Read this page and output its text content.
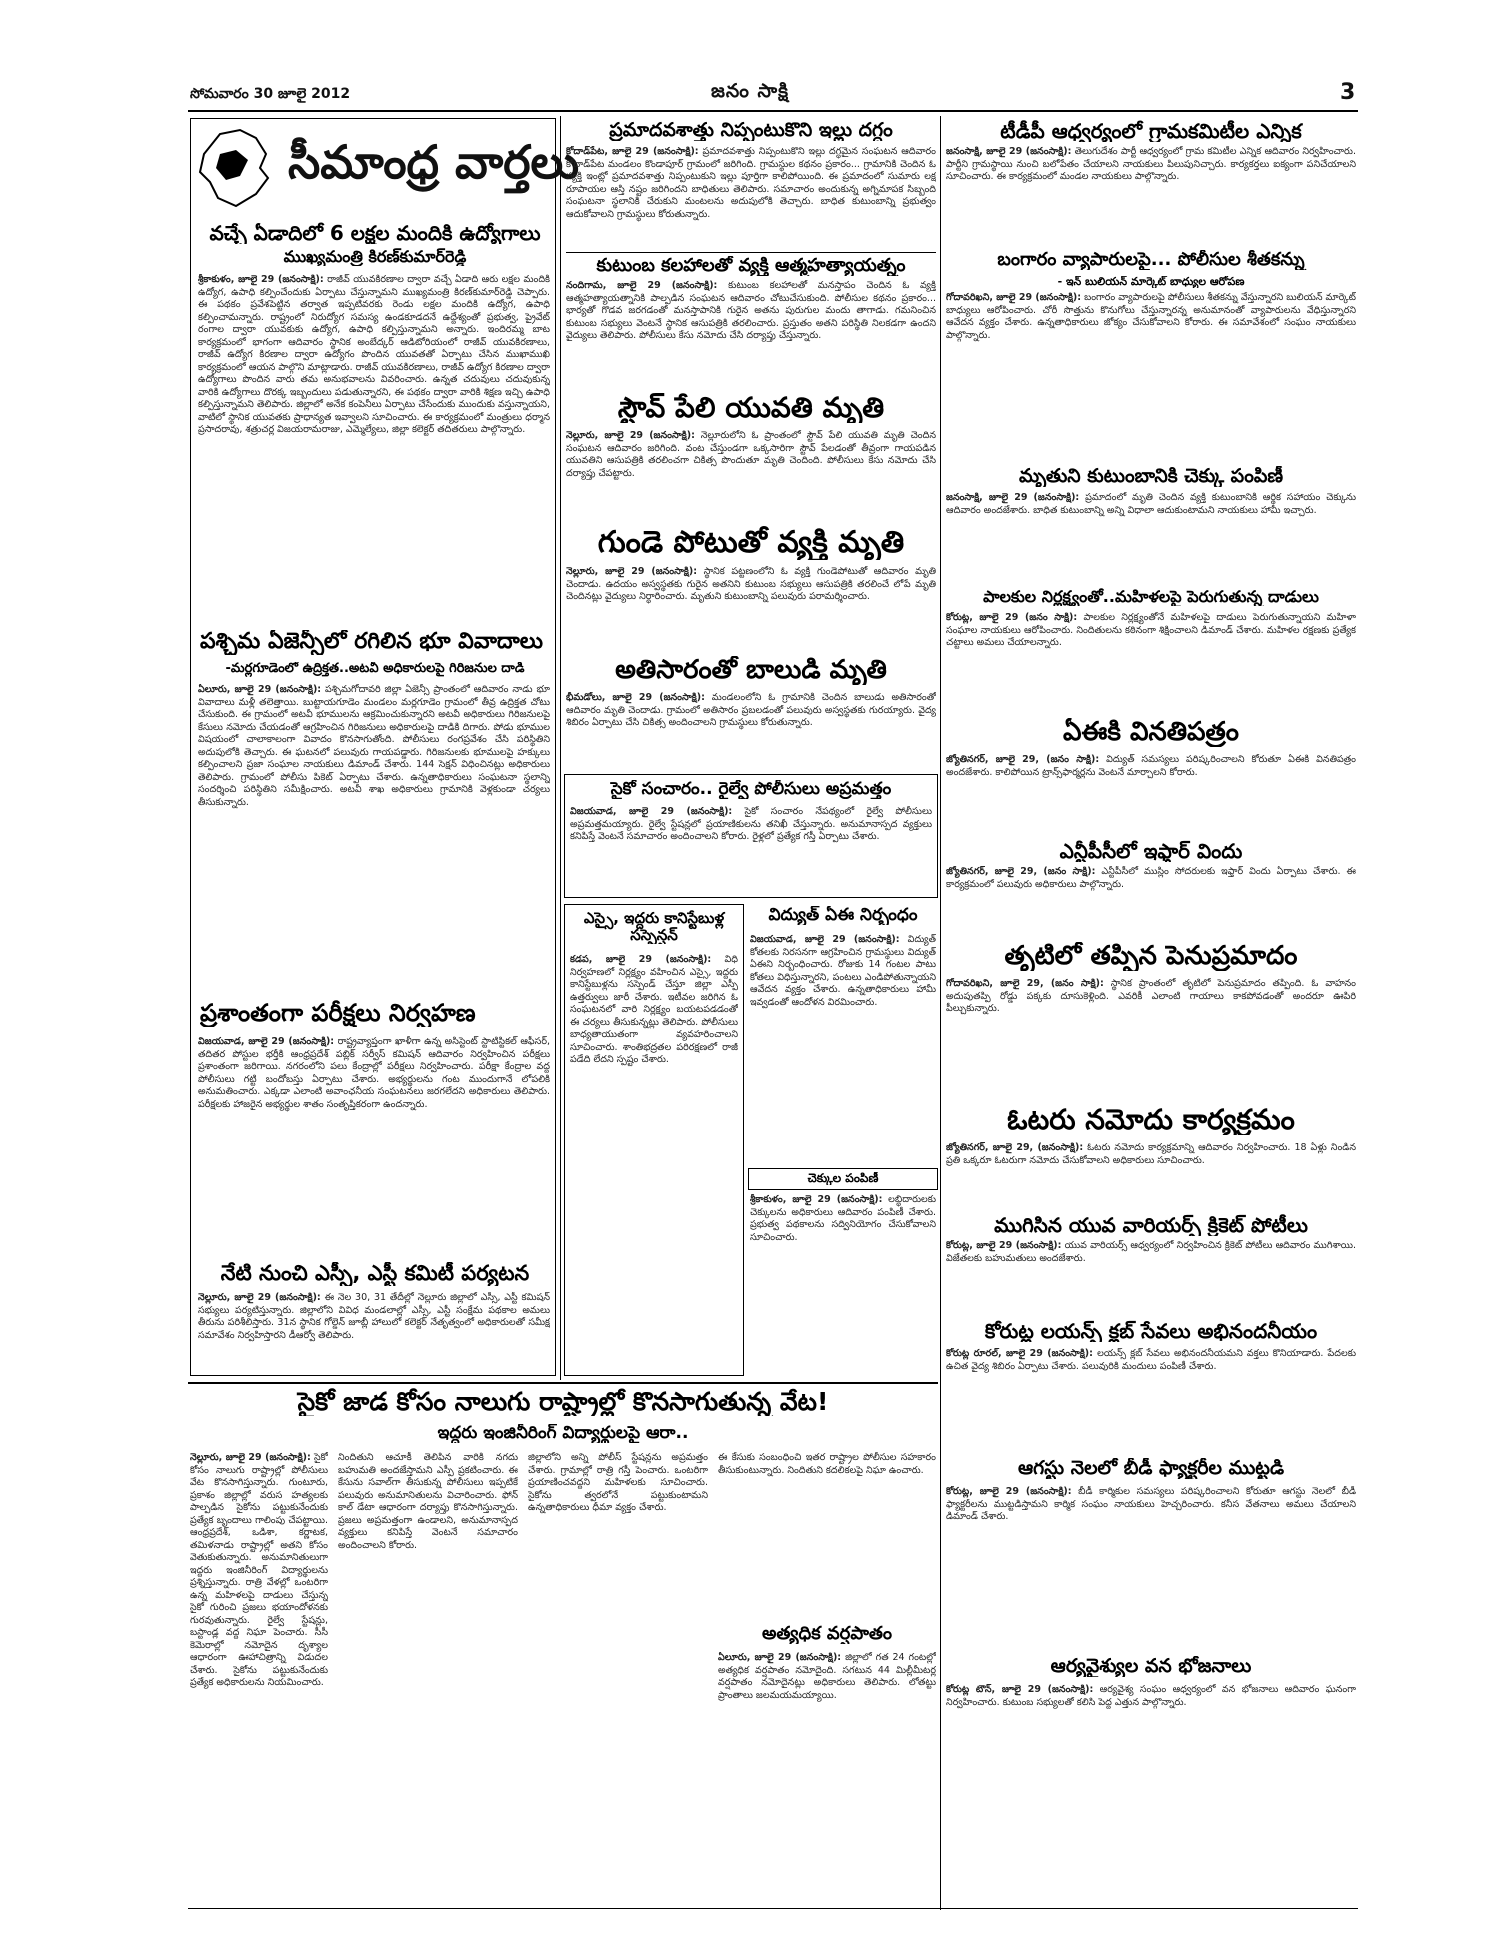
సోమవారం 30 జూలై 2012	జనం సాక్షి	3
సీమాంధ్ర వార్తలు
వచ్చే ఏడాదిలో 6 లక్షల మందికి ఉద్యోగాలు
ముఖ్యమంత్రి కిరణ్‌కుమార్‌రెడ్డి
శ్రీకాకుళం, జూలై 29 (జనంసాక్షి): రాజీవ్ యువకిరణాల ద్వారా వచ్చే ఏడాది ఆరు లక్షల మందికి ఉద్యోగ, ఉపాధి కల్పించేందుకు ఏర్పాటు చేస్తున్నామని ముఖ్యమంత్రి కిరణ్‌కుమార్‌రెడ్డి చెప్పారు. ఈ పథకం ప్రవేశపెట్టిన తర్వాత ఇప్పటివరకు రెండు లక్షల మందికి ఉద్యోగ, ఉపాధి కల్పించామన్నారు. రాష్ట్రంలో నిరుద్యోగ సమస్య ఉండకూడదనే ఉద్దేశ్యంతో ప్రభుత్వ, ప్రైవేట్ రంగాల ద్వారా యువకుకు ఉద్యోగ, ఉపాధి కల్పిస్తున్నామని అన్నారు. ఇందిరమ్మ బాట కార్యక్రమంలో భాగంగా ఆదివారం స్థానిక అంబేద్కర్ ఆడిటోరియంలో రాజీవ్ యువకిరణాలు, రాజీవ్ ఉద్యోగ కిరణాల ద్వారా ఉద్యోగం పొందిన యువతతో ఏర్పాటు చేసిన ముఖాముఖి కార్యక్రమంలో ఆయన పాల్గొని మాట్లాడారు. రాజీవ్ యువకిరణాలు, రాజీవ్ ఉద్యోగ కిరణాల ద్వారా ఉద్యోగాలు పొందిన వారు తమ అనుభవాలను వివరించారు. ఉన్నత చదువులు చదువుకున్న వారికి ఉద్యోగాలు దొరక్క ఇబ్బందులు పడుతున్నారని, ఈ పథకం ద్వారా వారికి శిక్షణ ఇచ్చి ఉపాధి కల్పిస్తున్నామని తెలిపారు. జిల్లాలో అనేక కంపెనీలు ఏర్పాటు చేసేందుకు ముందుకు వస్తున్నాయని, వాటిలో స్థానిక యువతకు ప్రాధాన్యత ఇవ్వాలని సూచించారు. ఈ కార్యక్రమంలో మంత్రులు ధర్మాన ప్రసాదరావు, శత్రుచర్ల విజయరామరాజు, ఎమ్మెల్యేలు, జిల్లా కలెక్టర్ తదితరులు పాల్గొన్నారు.
పశ్చిమ ఏజెన్సీలో రగిలిన భూ వివాదాలు
-మర్లగూడెంలో ఉద్రిక్తత..అటవీ అధికారులపై గిరిజనుల దాడి
ఏలూరు, జూలై 29 (జనంసాక్షి): పశ్చిమగోదావరి జిల్లా ఏజెన్సీ ప్రాంతంలో ఆదివారం నాడు భూ వివాదాలు మళ్లీ తలెత్తాయి. బుట్టాయగూడెం మండలం మర్లగూడెం గ్రామంలో తీవ్ర ఉద్రిక్తత చోటు చేసుకుంది. ఈ గ్రామంలో అటవీ భూములను ఆక్రమించుకున్నారని అటవీ అధికారులు గిరిజనులపై కేసులు నమోదు చేయడంతో ఆగ్రహించిన గిరిజనులు అధికారులపై దాడికి దిగారు. పోడు భూముల విషయంలో చాలాకాలంగా వివాదం కొనసాగుతోంది. పోలీసులు రంగప్రవేశం చేసి పరిస్థితిని అదుపులోకి తెచ్చారు. ఈ ఘటనలో పలువురు గాయపడ్డారు. గిరిజనులకు భూములపై హక్కులు కల్పించాలని ప్రజా సంఘాల నాయకులు డిమాండ్ చేశారు. 144 సెక్షన్ విధించినట్లు అధికారులు తెలిపారు. గ్రామంలో పోలీసు పికెట్ ఏర్పాటు చేశారు. ఉన్నతాధికారులు సంఘటనా స్థలాన్ని సందర్శించి పరిస్థితిని సమీక్షించారు. అటవీ శాఖ అధికారులు గ్రామానికి వెళ్లకుండా చర్యలు తీసుకున్నారు.
ప్రశాంతంగా పరీక్షలు నిర్వహణ
విజయవాడ, జూలై 29 (జనంసాక్షి): రాష్ట్రవ్యాప్తంగా ఖాళీగా ఉన్న అసిస్టెంట్ స్టాటిస్టికల్ ఆఫీసర్, తదితర పోస్టుల భర్తీకి ఆంధ్రప్రదేశ్ పబ్లిక్ సర్వీస్ కమిషన్ ఆదివారం నిర్వహించిన పరీక్షలు ప్రశాంతంగా జరిగాయి. నగరంలోని పలు కేంద్రాల్లో పరీక్షలు నిర్వహించారు. పరీక్షా కేంద్రాల వద్ద పోలీసులు గట్టి బందోబస్తు ఏర్పాటు చేశారు. అభ్యర్థులను గంట ముందుగానే లోపలికి అనుమతించారు. ఎక్కడా ఎలాంటి అవాంఛనీయ సంఘటనలు జరగలేదని అధికారులు తెలిపారు. పరీక్షలకు హాజరైన అభ్యర్థుల శాతం సంతృప్తికరంగా ఉందన్నారు.
నేటి నుంచి ఎస్సీ, ఎస్టీ కమిటీ పర్యటన
నెల్లూరు, జూలై 29 (జనంసాక్షి): ఈ నెల 30, 31 తేదీల్లో నెల్లూరు జిల్లాలో ఎస్సీ, ఎస్టీ కమిషన్ సభ్యులు పర్యటిస్తున్నారు. జిల్లాలోని వివిధ మండలాల్లో ఎస్సీ, ఎస్టీ సంక్షేమ పథకాల అమలు తీరును పరిశీలిస్తారు. 31న స్థానిక గోల్డెన్ జూబ్లీ హాలులో కలెక్టర్ నేతృత్వంలో అధికారులతో సమీక్ష సమావేశం నిర్వహిస్తారని డీఆర్వో తెలిపారు.
ప్రమాదవశాత్తు నిప్పంటుకొని ఇల్లు దగ్ధం
కోదాడ్‌పేట, జూలై 29 (జనంసాక్షి): ప్రమాదవశాత్తు నిప్పంటుకొని ఇల్లు దగ్ధమైన సంఘటన ఆదివారం కోదాడ్‌పేట మండలం కొండాపూర్ గ్రామంలో జరిగింది. గ్రామస్థుల కథనం ప్రకారం... గ్రామానికి చెందిన ఓ వ్యక్తి ఇంట్లో ప్రమాదవశాత్తు నిప్పంటుకుని ఇల్లు పూర్తిగా కాలిపోయింది. ఈ ప్రమాదంలో సుమారు లక్ష రూపాయల ఆస్తి నష్టం జరిగిందని బాధితులు తెలిపారు. సమాచారం అందుకున్న అగ్నిమాపక సిబ్బంది సంఘటనా స్థలానికి చేరుకుని మంటలను అదుపులోకి తెచ్చారు. బాధిత కుటుంబాన్ని ప్రభుత్వం ఆదుకోవాలని గ్రామస్థులు కోరుతున్నారు.
కుటుంబ కలహాలతో వ్యక్తి ఆత్మహత్యాయత్నం
నందిగామ, జూలై 29 (జనంసాక్షి): కుటుంబ కలహాలతో మనస్తాపం చెందిన ఓ వ్యక్తి ఆత్మహత్యాయత్నానికి పాల్పడిన సంఘటన ఆదివారం చోటుచేసుకుంది. పోలీసుల కథనం ప్రకారం... భార్యతో గొడవ జరగడంతో మనస్తాపానికి గురైన అతను పురుగుల మందు తాగాడు. గమనించిన కుటుంబ సభ్యులు వెంటనే స్థానిక ఆసుపత్రికి తరలించారు. ప్రస్తుతం అతని పరిస్థితి నిలకడగా ఉందని వైద్యులు తెలిపారు. పోలీసులు కేసు నమోదు చేసి దర్యాప్తు చేస్తున్నారు.
స్టౌవ్ పేలి యువతి మృతి
నెల్లూరు, జూలై 29 (జనంసాక్షి): నెల్లూరులోని ఓ ప్రాంతంలో స్టౌవ్ పేలి యువతి మృతి చెందిన సంఘటన ఆదివారం జరిగింది. వంట చేస్తుండగా ఒక్కసారిగా స్టౌవ్ పేలడంతో తీవ్రంగా గాయపడిన యువతిని ఆసుపత్రికి తరలించగా చికిత్స పొందుతూ మృతి చెందింది. పోలీసులు కేసు నమోదు చేసి దర్యాప్తు చేపట్టారు.
గుండె పోటుతో వ్యక్తి మృతి
నెల్లూరు, జూలై 29 (జనంసాక్షి): స్థానిక పట్టణంలోని ఓ వ్యక్తి గుండెపోటుతో ఆదివారం మృతి చెందాడు. ఉదయం అస్వస్థతకు గురైన అతనిని కుటుంబ సభ్యులు ఆసుపత్రికి తరలించే లోపే మృతి చెందినట్లు వైద్యులు నిర్ధారించారు. మృతుని కుటుంబాన్ని పలువురు పరామర్శించారు.
అతిసారంతో బాలుడి మృతి
భీమడోలు, జూలై 29 (జనంసాక్షి): మండలంలోని ఓ గ్రామానికి చెందిన బాలుడు అతిసారంతో ఆదివారం మృతి చెందాడు. గ్రామంలో అతిసారం ప్రబలడంతో పలువురు అస్వస్థతకు గురయ్యారు. వైద్య శిబిరం ఏర్పాటు చేసి చికిత్స అందించాలని గ్రామస్థులు కోరుతున్నారు.
సైకో సంచారం.. రైల్వే పోలీసులు అప్రమత్తం
విజయవాడ, జూలై 29 (జనంసాక్షి): సైకో సంచారం నేపథ్యంలో రైల్వే పోలీసులు అప్రమత్తమయ్యారు. రైల్వే స్టేషన్లలో ప్రయాణికులను తనిఖీ చేస్తున్నారు. అనుమానాస్పద వ్యక్తులు కనిపిస్తే వెంటనే సమాచారం అందించాలని కోరారు. రైళ్లలో ప్రత్యేక గస్తీ ఏర్పాటు చేశారు.
ఎస్సై, ఇద్దరు కానిస్టేబుళ్ల సస్పెన్షన్
కడప, జూలై 29 (జనంసాక్షి): విధి నిర్వహణలో నిర్లక్ష్యం వహించిన ఎస్సై, ఇద్దరు కానిస్టేబుళ్లను సస్పెండ్ చేస్తూ జిల్లా ఎస్పీ ఉత్తర్వులు జారీ చేశారు. ఇటీవల జరిగిన ఓ సంఘటనలో వారి నిర్లక్ష్యం బయటపడడంతో ఈ చర్యలు తీసుకున్నట్లు తెలిపారు. పోలీసులు బాధ్యతాయుతంగా వ్యవహరించాలని సూచించారు. శాంతిభద్రతల పరిరక్షణలో రాజీ పడేది లేదని స్పష్టం చేశారు.
విద్యుత్ ఏఈ నిర్బంధం
విజయవాడ, జూలై 29 (జనంసాక్షి): విద్యుత్ కోతలకు నిరసనగా ఆగ్రహించిన గ్రామస్థులు విద్యుత్ ఏఈని నిర్బంధించారు. రోజుకు 14 గంటల పాటు కోతలు విధిస్తున్నారని, పంటలు ఎండిపోతున్నాయని ఆవేదన వ్యక్తం చేశారు. ఉన్నతాధికారులు హామీ ఇవ్వడంతో ఆందోళన విరమించారు.
చెక్కుల పంపిణీ
శ్రీకాకుళం, జూలై 29 (జనంసాక్షి): లబ్ధిదారులకు చెక్కులను అధికారులు ఆదివారం పంపిణీ చేశారు. ప్రభుత్వ పథకాలను సద్వినియోగం చేసుకోవాలని సూచించారు.
టీడీపీ ఆధ్వర్యంలో గ్రామకమిటీల ఎన్నిక
జనంసాక్షి, జూలై 29 (జనంసాక్షి): తెలుగుదేశం పార్టీ ఆధ్వర్యంలో గ్రామ కమిటీల ఎన్నిక ఆదివారం నిర్వహించారు. పార్టీని గ్రామస్థాయి నుంచి బలోపేతం చేయాలని నాయకులు పిలుపునిచ్చారు. కార్యకర్తలు ఐక్యంగా పనిచేయాలని సూచించారు. ఈ కార్యక్రమంలో మండల నాయకులు పాల్గొన్నారు.
బంగారం వ్యాపారులపై... పోలీసుల శీతకన్ను
- ఇన్ బులియన్ మార్కెట్ బాధ్యుల ఆరోపణ
గోదావరిఖని, జూలై 29 (జనంసాక్షి): బంగారం వ్యాపారులపై పోలీసులు శీతకన్ను వేస్తున్నారని బులియన్ మార్కెట్ బాధ్యులు ఆరోపించారు. చోరీ సొత్తును కొనుగోలు చేస్తున్నారన్న అనుమానంతో వ్యాపారులను వేధిస్తున్నారని ఆవేదన వ్యక్తం చేశారు. ఉన్నతాధికారులు జోక్యం చేసుకోవాలని కోరారు. ఈ సమావేశంలో సంఘం నాయకులు పాల్గొన్నారు.
మృతుని కుటుంబానికి చెక్కు పంపిణీ
జనంసాక్షి, జూలై 29 (జనంసాక్షి): ప్రమాదంలో మృతి చెందిన వ్యక్తి కుటుంబానికి ఆర్థిక సహాయం చెక్కును ఆదివారం అందజేశారు. బాధిత కుటుంబాన్ని అన్ని విధాలా ఆదుకుంటామని నాయకులు హామీ ఇచ్చారు.
పాలకుల నిర్లక్ష్యంతో..మహిళలపై పెరుగుతున్న దాడులు
కోరుట్ల, జూలై 29 (జనం సాక్షి): పాలకుల నిర్లక్ష్యంతోనే మహిళలపై దాడులు పెరుగుతున్నాయని మహిళా సంఘాల నాయకులు ఆరోపించారు. నిందితులను కఠినంగా శిక్షించాలని డిమాండ్ చేశారు. మహిళల రక్షణకు ప్రత్యేక చట్టాలు అమలు చేయాలన్నారు.
ఏఈకి వినతిపత్రం
జ్యోతినగర్, జూలై 29, (జనం సాక్షి): విద్యుత్ సమస్యలు పరిష్కరించాలని కోరుతూ ఏఈకి వినతిపత్రం అందజేశారు. కాలిపోయిన ట్రాన్స్‌ఫార్మర్లను వెంటనే మార్చాలని కోరారు.
ఎన్టీపీసీలో ఇఫ్తార్ విందు
జ్యోతినగర్, జూలై 29, (జనం సాక్షి): ఎన్టీపీసీలో ముస్లిం సోదరులకు ఇఫ్తార్ విందు ఏర్పాటు చేశారు. ఈ కార్యక్రమంలో పలువురు అధికారులు పాల్గొన్నారు.
తృటిలో తప్పిన పెనుప్రమాదం
గోదావరిఖని, జూలై 29, (జనం సాక్షి): స్థానిక ప్రాంతంలో తృటిలో పెనుప్రమాదం తప్పింది. ఓ వాహనం అదుపుతప్పి రోడ్డు పక్కకు దూసుకెళ్లింది. ఎవరికీ ఎలాంటి గాయాలు కాకపోవడంతో అందరూ ఊపిరి పీల్చుకున్నారు.
ఓటరు నమోదు కార్యక్రమం
జ్యోతినగర్, జూలై 29, (జనంసాక్షి): ఓటరు నమోదు కార్యక్రమాన్ని ఆదివారం నిర్వహించారు. 18 ఏళ్లు నిండిన ప్రతి ఒక్కరూ ఓటరుగా నమోదు చేసుకోవాలని అధికారులు సూచించారు.
ముగిసిన యువ వారియర్స్ క్రికెట్ పోటీలు
కోరుట్ల, జూలై 29 (జనంసాక్షి): యువ వారియర్స్ ఆధ్వర్యంలో నిర్వహించిన క్రికెట్ పోటీలు ఆదివారం ముగిశాయి. విజేతలకు బహుమతులు అందజేశారు.
కోరుట్ల లయన్స్ క్లబ్ సేవలు అభినందనీయం
కోరుట్ల రూరల్, జూలై 29 (జనంసాక్షి): లయన్స్ క్లబ్ సేవలు అభినందనీయమని వక్తలు కొనియాడారు. పేదలకు ఉచిత వైద్య శిబిరం ఏర్పాటు చేశారు. పలువురికి మందులు పంపిణీ చేశారు.
ఆగస్టు నెలలో బీడీ ఫ్యాక్టరీల ముట్టడి
కోరుట్ల, జూలై 29 (జనంసాక్షి): బీడీ కార్మికుల సమస్యలు పరిష్కరించాలని కోరుతూ ఆగస్టు నెలలో బీడీ ఫ్యాక్టరీలను ముట్టడిస్తామని కార్మిక సంఘం నాయకులు హెచ్చరించారు. కనీస వేతనాలు అమలు చేయాలని డిమాండ్ చేశారు.
ఆర్యవైశ్యుల వన భోజనాలు
కోరుట్ల టౌన్, జూలై 29 (జనంసాక్షి): ఆర్యవైశ్య సంఘం ఆధ్వర్యంలో వన భోజనాలు ఆదివారం ఘనంగా నిర్వహించారు. కుటుంబ సభ్యులతో కలిసి పెద్ద ఎత్తున పాల్గొన్నారు.
సైకో జాడ కోసం నాలుగు రాష్ట్రాల్లో కొనసాగుతున్న వేట!
ఇద్దరు ఇంజినీరింగ్ విద్యార్థులపై ఆరా..
నెల్లూరు, జూలై 29 (జనంసాక్షి): సైకో కోసం నాలుగు రాష్ట్రాల్లో పోలీసులు వేట కొనసాగిస్తున్నారు. గుంటూరు, ప్రకాశం జిల్లాల్లో వరుస హత్యలకు పాల్పడిన సైకోను పట్టుకునేందుకు ప్రత్యేక బృందాలు గాలింపు చేపట్టాయి. ఆంధ్రప్రదేశ్, ఒడిశా, కర్ణాటక, తమిళనాడు రాష్ట్రాల్లో అతని కోసం వెతుకుతున్నారు. అనుమానితులుగా ఇద్దరు ఇంజినీరింగ్ విద్యార్థులను ప్రశ్నిస్తున్నారు. రాత్రి వేళల్లో ఒంటరిగా ఉన్న మహిళలపై దాడులు చేస్తున్న సైకో గురించి ప్రజలు భయాందోళనకు గురవుతున్నారు. రైల్వే స్టేషన్లు, బస్టాండ్ల వద్ద నిఘా పెంచారు. సీసీ కెమెరాల్లో నమోదైన దృశ్యాల ఆధారంగా ఊహాచిత్రాన్ని విడుదల చేశారు. సైకోను పట్టుకునేందుకు ప్రత్యేక అధికారులను నియమించారు.
నిందితుని ఆచూకీ తెలిపిన వారికి నగదు బహుమతి అందజేస్తామని ఎస్పీ ప్రకటించారు. ఈ కేసును సవాల్‌గా తీసుకున్న పోలీసులు ఇప్పటికే పలువురు అనుమానితులను విచారించారు. ఫోన్ కాల్ డేటా ఆధారంగా దర్యాప్తు కొనసాగిస్తున్నారు. ప్రజలు అప్రమత్తంగా ఉండాలని, అనుమానాస్పద వ్యక్తులు కనిపిస్తే వెంటనే సమాచారం అందించాలని కోరారు.
జిల్లాలోని అన్ని పోలీస్ స్టేషన్లను అప్రమత్తం చేశారు. గ్రామాల్లో రాత్రి గస్తీ పెంచారు. ఒంటరిగా ప్రయాణించవద్దని మహిళలకు సూచించారు. సైకోను త్వరలోనే పట్టుకుంటామని ఉన్నతాధికారులు ధీమా వ్యక్తం చేశారు.
ఈ కేసుకు సంబంధించి ఇతర రాష్ట్రాల పోలీసుల సహకారం తీసుకుంటున్నారు. నిందితుని కదలికలపై నిఘా ఉంచారు.
అత్యధిక వర్షపాతం
ఏలూరు, జూలై 29 (జనంసాక్షి): జిల్లాలో గత 24 గంటల్లో అత్యధిక వర్షపాతం నమోదైంది. సగటున 44 మిల్లీమీటర్ల వర్షపాతం నమోదైనట్లు అధికారులు తెలిపారు. లోతట్టు ప్రాంతాలు జలమయమయ్యాయి.
